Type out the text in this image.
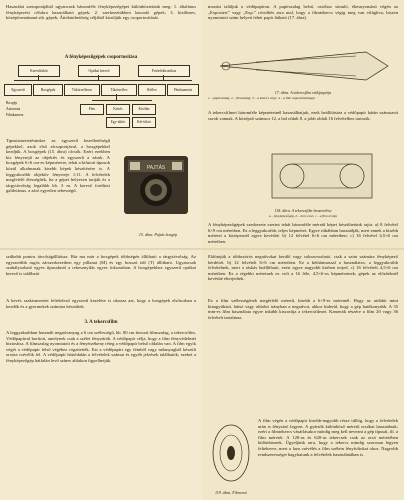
Használat szempontjából ugyancsak háromféle fényképezőgépet különböztetünk meg: 1. általános fényképezési célokra használható gépek; 2. szerkezetükben hasonló gépek; 3. kisfilmes, középformátumú stb. gépek; Áttekinthetőség céljából közöljük egy csoportosítását.

A fényképezőgépek csoportosítása

Keresőtükör	Optikai kereső	Fotóelektronikus
Egyszerű	Boxgépek	Tükörreflexes	Tükörreflex	Reflex	Fémkamerás
Fém	Kettős	Kisfilm
Egy-tükör	Két-tükör
Boxgép
Automata
Filmkamera

Tipusismertetésünkre az egyszerű kezelhetőségű gépekkel, azok első alcsoportjával, a boxgépekkel kezdjük. A boxgépek (15. ábra) olcsók. Ezért ezekben kis fényerejű az objektív és egyszerű a záruk. A boxgépek 6×6 cm-es képméretre, tehát a kifutott típusok közül alkalmasak kisebb képek készítésére is. A leggyakoribb objektív fényereje 1:11. A felvételek megfelelő élességűek, ha a gépet helyesen tartják és a tárgytávolság legalább kb. 3 m. A kereső fordított galileiánus, a záró egyetlen sebességű.

PAJTÁS

15. ábra. Pajtás boxgép

mozást találjuk a védőpapíron. A papírszalag belső, orsóhoz simuló, ékesnyomású végén az „Exposiert” vagy „Exp.” rövidítés arra utal, hogy a filmtekercs végig meg van világítva, hiszen nyomtatott szám helyett fehér papír látható (17. ábra).

17. ábra. A tekercsfilm védőpapírja

1 – papírszalag; 2 – filmszalag; 3 – a tekercs vége; 4 – a film ragasztószalagja

A tekercsfilmet háromféle képméretnél használhatjuk, ezek beállítására a védőpapír hátán számozott sorok vannak. A középső számsor 12, a bal oldali 8, a jobb oldali 16 felvételhez tartozik.

118. ábra. A tekercsfilm beszerelése

a – fényképezőgép, b – üres orsó, c – a film orsója

A fényképezőgépek szerkezete szerint tehát háromféle méretű képet készíthetünk rajta: a) 8 felvétel 6×9 cm méretben. Ez a leggyakoribb, teljes képméret. Egyre ritkábban használják, mert ennek a kisebb méretei a közepesnél egyre kevésbé. b) 12 felvétel 6×6 cm méretben; c) 16 felvétel 4,5×6 cm méretben.

szűkebb pontos távolságállításra. Bár ma már a boxgépek többségén állítható a tárgytávolság. Az egyszerűbb rugós zárszerkezetben egy pillanat (M) és egy hosszú idő (T) állítható. Ugyancsak szabályozható egyes típusoknál a rekesznyílás egyes fokozatban. A boxgépekhez egyszerű optikai kereső is található.

A kevés szakismeretet feltételező egyszerű kezelése is okozza azt, hogy a boxgépek elsősorban a kezdők és a gyermekek számára készültek.

3. A tekercsfilm

A leggyakrabban használt negatívanyag a 6 cm szélességű, kb. 80 cm hosszú filmszalag, a tekercsfilm. Védőpapírral borított, amelynek csak a szélei fényzárók. A védőpapír célja, hogy a film fényvédelmét biztosítsa. A filmszalag nyomtatott és a fényérzékeny réteg a védőpapír belső oldalán van. A film egyik végét a védőpapír felső végéhez rögzítették. Ezt a védőpapírt egy fémből vagy műanyagból készült orsóra csévélik fel. A védőpapír hátoldalán a felvételek számai és egyéb jelzések találhatók; ezeket a fényképezőgép hátfalán levő színes ablakon figyelhetjük.

Eldöntjük a többszörös negatívokat kerülő vagy sokszorozható, csak a szint számára fényképező kérdését. b) 12 felvételt 6×6 cm méretben. Ez a kéthármassal a használatos, a leggyakoribb felvételnek, mert a táskás beállítható, ezért egyre nagyobb körben terjed. c) 16 felvételt 4,5×6 cm méretben. Ez a régebbi méretnek ez volt a 16 féle, 4,5×6-os képméretnek; gépek az előzőeknél kevésbé elterjedtek.

Ez a film szélességének megfelelő méretű, kisebb a 6×9-es méretnél. Hogy az utóbbit mint kinagyítható, hátsó vagy oldalsó irányban a negatívot, akkor kiderül, hogy a gép hatékonyabb. A 35 mm-es film használata egyre inkább kiszorítja a tekercsfilmet. Kamerák részére a film 20 vagy 36 felvételt tartalmaz.

119. ábra. Filmorsó

A film végén a védőpapír kisebb-nagyobb része túllóg, hogy a felvételek után is fényzáró legyen. A gyártók különböző méretű orsókat használnak; ezért a filmtekercs vásárlásakor mindig meg kell nevezni a gép típusát, ill. a film méretét. A 120-as és 620-as tekercsek csak az orsó méretében különböznek. Ügyeljünk arra, hogy a tekercs mindig szorosan legyen feltekerve, mert a laza csévélés a film szélein fényfoltokat okoz. Nagyobb rendszerességet hagyhatunk a felvételek használatában is.
